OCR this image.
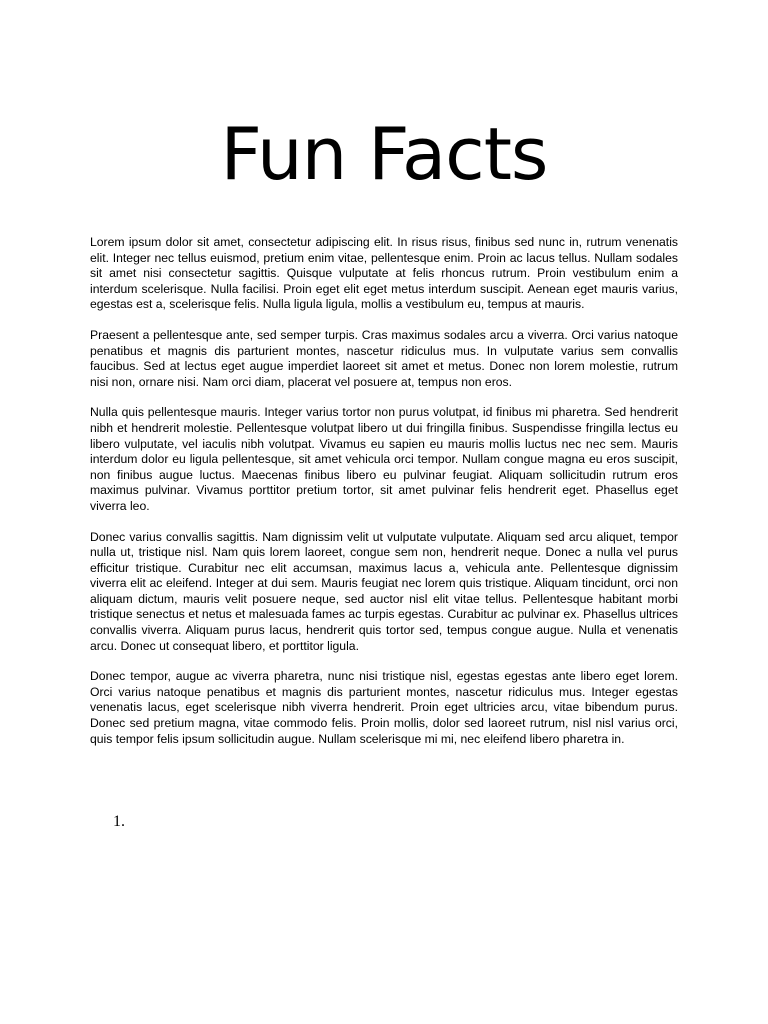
Fun Facts

Lorem ipsum dolor sit amet, consectetur adipiscing elit. In risus risus, finibus sed nunc in, rutrum venenatis elit. Integer nec tellus euismod, pretium enim vitae, pellentesque enim. Proin ac lacus tellus. Nullam sodales sit amet nisi consectetur sagittis. Quisque vulputate at felis rhoncus rutrum. Proin vestibulum enim a interdum scelerisque. Nulla facilisi. Proin eget elit eget metus interdum suscipit. Aenean eget mauris varius, egestas est a, scelerisque felis. Nulla ligula ligula, mollis a vestibulum eu, tempus at mauris.

Praesent a pellentesque ante, sed semper turpis. Cras maximus sodales arcu a viverra. Orci varius natoque penatibus et magnis dis parturient montes, nascetur ridiculus mus. In vulputate varius sem convallis faucibus. Sed at lectus eget augue imperdiet laoreet sit amet et metus. Donec non lorem molestie, rutrum nisi non, ornare nisi. Nam orci diam, placerat vel posuere at, tempus non eros.

Nulla quis pellentesque mauris. Integer varius tortor non purus volutpat, id finibus mi pharetra. Sed hendrerit nibh et hendrerit molestie. Pellentesque volutpat libero ut dui fringilla finibus. Suspendisse fringilla lectus eu libero vulputate, vel iaculis nibh volutpat. Vivamus eu sapien eu mauris mollis luctus nec nec sem. Mauris interdum dolor eu ligula pellentesque, sit amet vehicula orci tempor. Nullam congue magna eu eros suscipit, non finibus augue luctus. Maecenas finibus libero eu pulvinar feugiat. Aliquam sollicitudin rutrum eros maximus pulvinar. Vivamus porttitor pretium tortor, sit amet pulvinar felis hendrerit eget. Phasellus eget viverra leo.

Donec varius convallis sagittis. Nam dignissim velit ut vulputate vulputate. Aliquam sed arcu aliquet, tempor nulla ut, tristique nisl. Nam quis lorem laoreet, congue sem non, hendrerit neque. Donec a nulla vel purus efficitur tristique. Curabitur nec elit accumsan, maximus lacus a, vehicula ante. Pellentesque dignissim viverra elit ac eleifend. Integer at dui sem. Mauris feugiat nec lorem quis tristique. Aliquam tincidunt, orci non aliquam dictum, mauris velit posuere neque, sed auctor nisl elit vitae tellus. Pellentesque habitant morbi tristique senectus et netus et malesuada fames ac turpis egestas. Curabitur ac pulvinar ex. Phasellus ultrices convallis viverra. Aliquam purus lacus, hendrerit quis tortor sed, tempus congue augue. Nulla et venenatis arcu. Donec ut consequat libero, et porttitor ligula.

Donec tempor, augue ac viverra pharetra, nunc nisi tristique nisl, egestas egestas ante libero eget lorem. Orci varius natoque penatibus et magnis dis parturient montes, nascetur ridiculus mus. Integer egestas venenatis lacus, eget scelerisque nibh viverra hendrerit. Proin eget ultricies arcu, vitae bibendum purus. Donec sed pretium magna, vitae commodo felis. Proin mollis, dolor sed laoreet rutrum, nisl nisl varius orci, quis tempor felis ipsum sollicitudin augue. Nullam scelerisque mi mi, nec eleifend libero pharetra in.

1.
